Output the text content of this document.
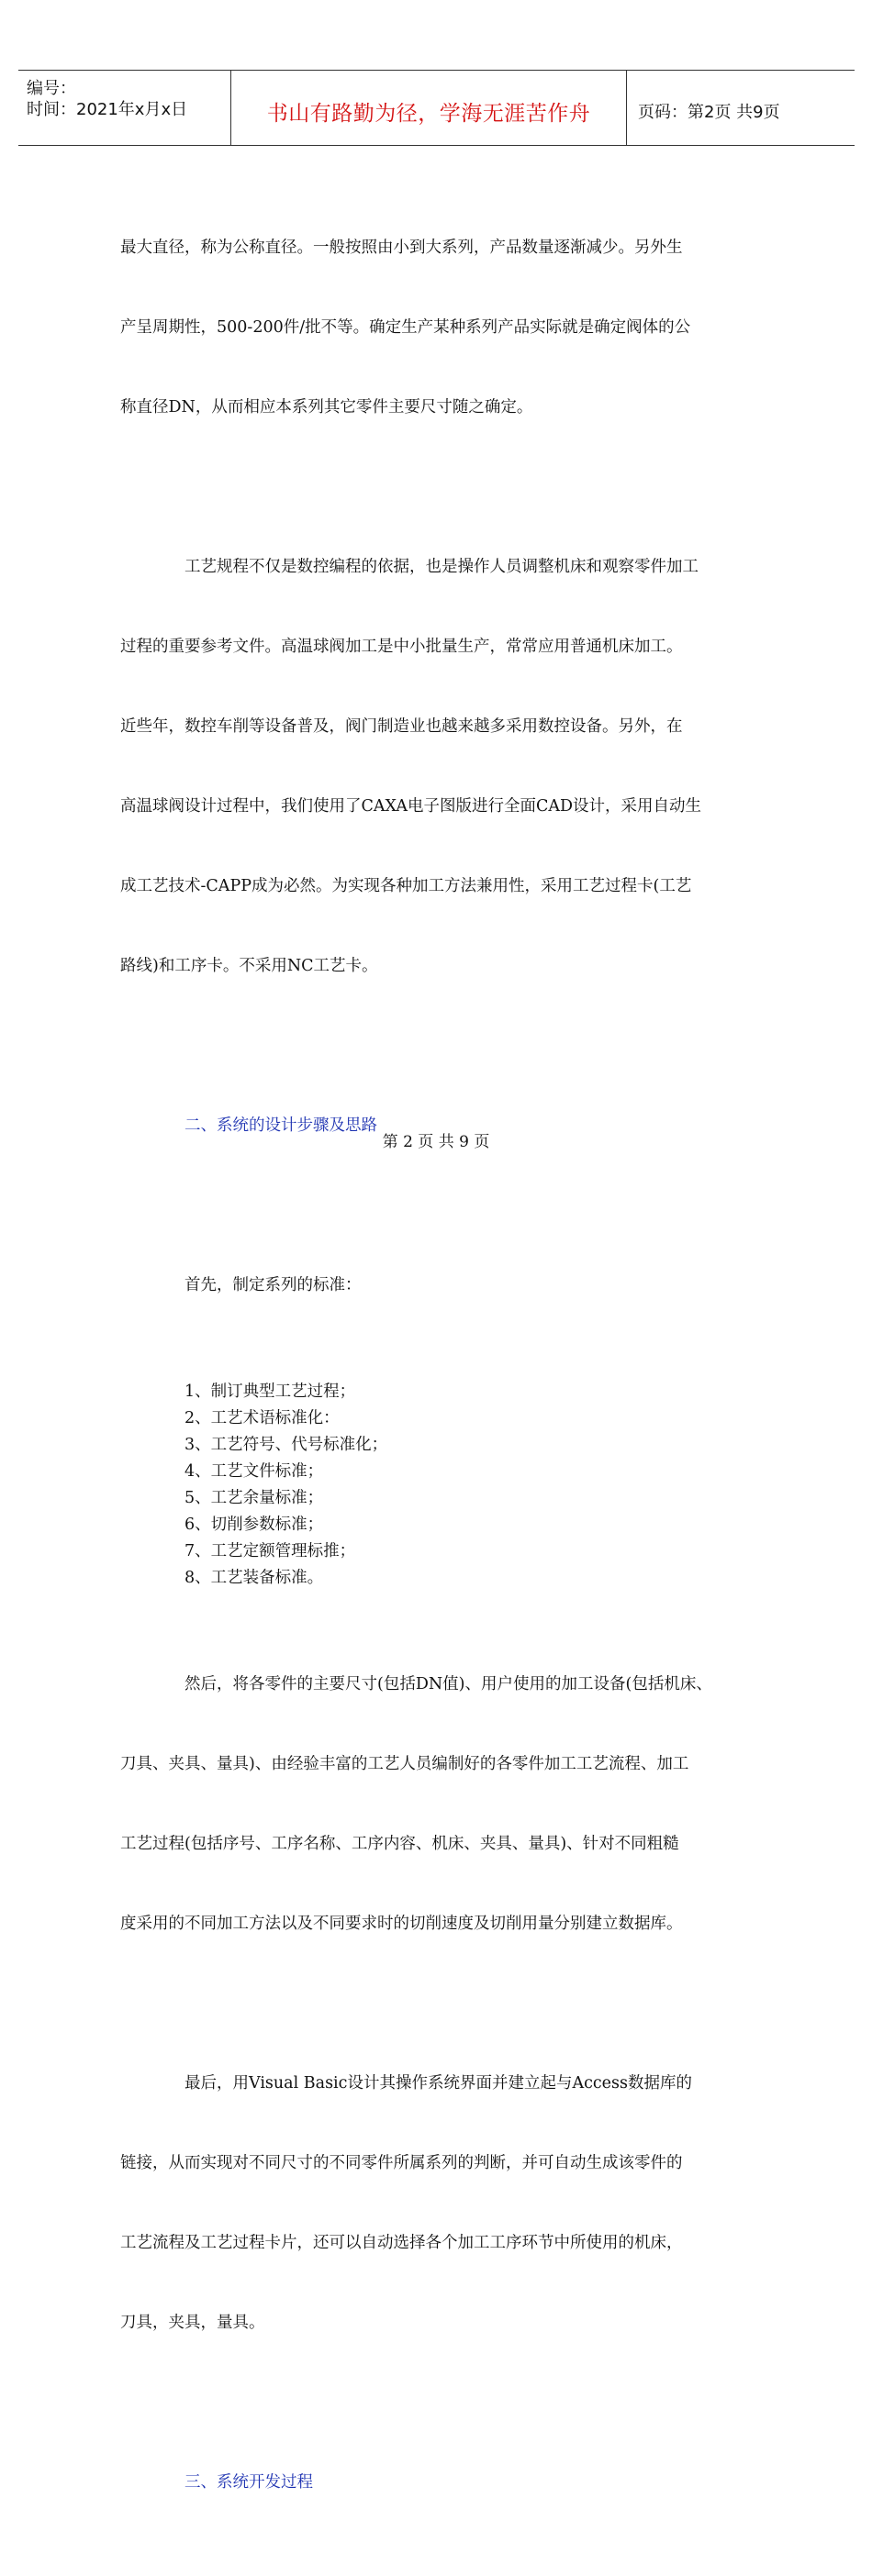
编号：
时间：2021年x月x日	书山有路勤为径，学海无涯苦作舟	页码：第2页 共9页

最大直径，称为公称直径。一般按照由小到大系列，产品数量逐渐减少。另外生

产呈周期性，500-200件/批不等。确定生产某种系列产品实际就是确定阀体的公

称直径DN，从而相应本系列其它零件主要尺寸随之确定。

工艺规程不仅是数控编程的依据，也是操作人员调整机床和观察零件加工

过程的重要参考文件。高温球阀加工是中小批量生产，常常应用普通机床加工。

近些年，数控车削等设备普及，阀门制造业也越来越多采用数控设备。另外，在

高温球阀设计过程中，我们使用了CAXA电子图版进行全面CAD设计，采用自动生

成工艺技术-CAPP成为必然。为实现各种加工方法兼用性，采用工艺过程卡(工艺

路线)和工序卡。不采用NC工艺卡。

二、系统的设计步骤及思路

首先，制定系列的标准：

1、制订典型工艺过程；
2、工艺术语标准化：
3、工艺符号、代号标准化；
4、工艺文件标准；
5、工艺余量标准；
6、切削参数标准；
7、工艺定额管理标推；
8、工艺装备标准。

然后，将各零件的主要尺寸(包括DN值)、用户使用的加工设备(包括机床、

刀具、夹具、量具)、由经验丰富的工艺人员编制好的各零件加工工艺流程、加工

工艺过程(包括序号、工序名称、工序内容、机床、夹具、量具)、针对不同粗糙

度采用的不同加工方法以及不同要求时的切削速度及切削用量分别建立数据库。

最后，用Visual Basic设计其操作系统界面并建立起与Access数据库的

链接，从而实现对不同尺寸的不同零件所属系列的判断，并可自动生成该零件的

工艺流程及工艺过程卡片，还可以自动选择各个加工工序环节中所使用的机床，

刀具，夹具，量具。

三、系统开发过程

第 2 页 共 9 页
